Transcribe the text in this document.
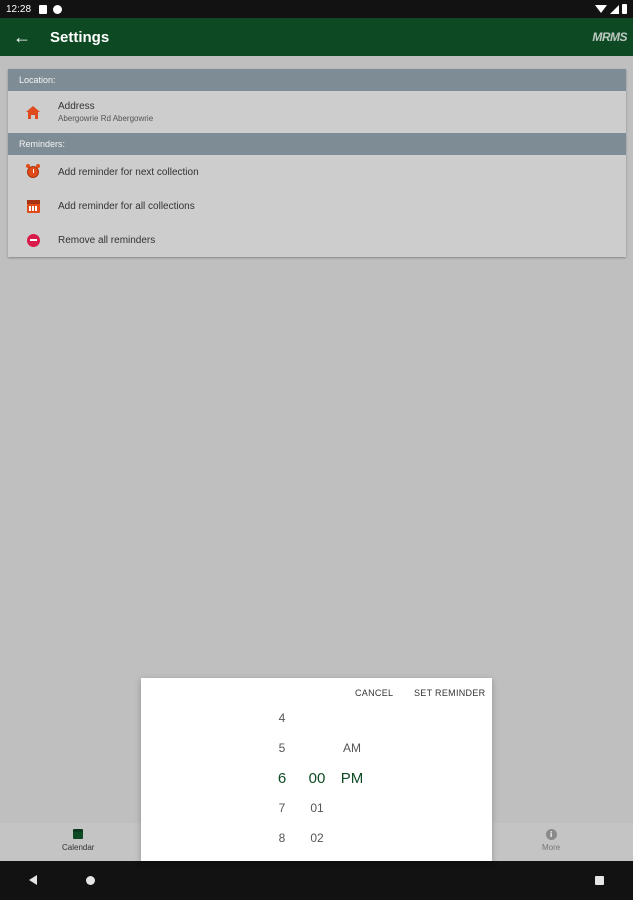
12:28
←	Settings	MRMS
Location:
Address
Abergowrie Rd Abergowrie
Reminders:
Add reminder for next collection
Add reminder for all collections
Remove all reminders
Calendar
i
More
CANCEL SET REMINDER
4
5
6
7
8
00
01
02
AM
PM
